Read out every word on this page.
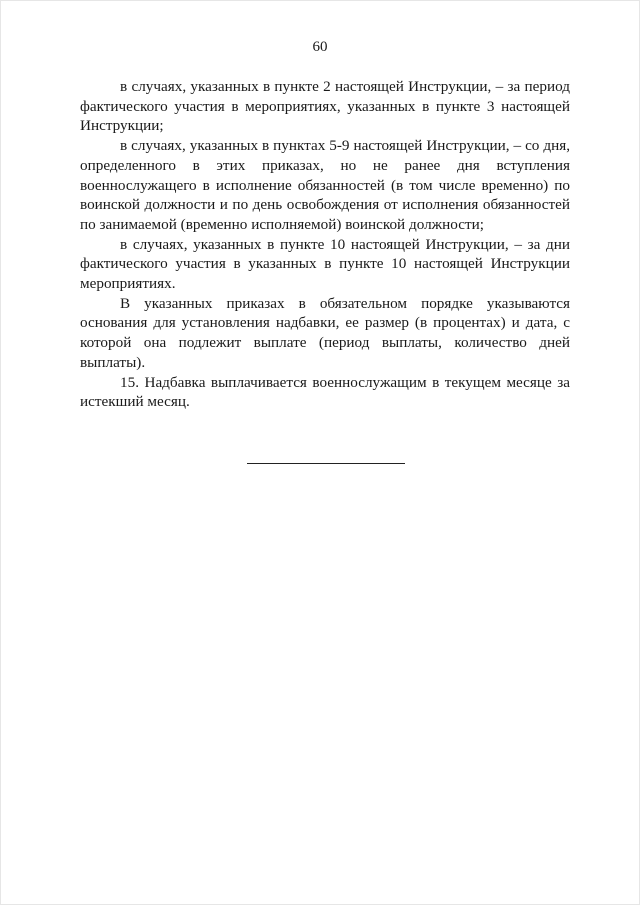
60

в случаях, указанных в пункте 2 настоящей Инструкции, – за период фактического участия в мероприятиях, указанных в пункте 3 настоящей Инструкции;

в случаях, указанных в пунктах 5-9 настоящей Инструкции, – со дня, определенного в этих приказах, но не ранее дня вступления военнослужащего в исполнение обязанностей (в том числе временно) по воинской должности и по день освобождения от исполнения обязанностей по занимаемой (временно исполняемой) воинской должности;

в случаях, указанных в пункте 10 настоящей Инструкции, – за дни фактического участия в указанных в пункте 10 настоящей Инструкции мероприятиях.

В указанных приказах в обязательном порядке указываются основания для установления надбавки, ее размер (в процентах) и дата, с которой она подлежит выплате (период выплаты, количество дней выплаты).

15. Надбавка выплачивается военнослужащим в текущем месяце за истекший месяц.
